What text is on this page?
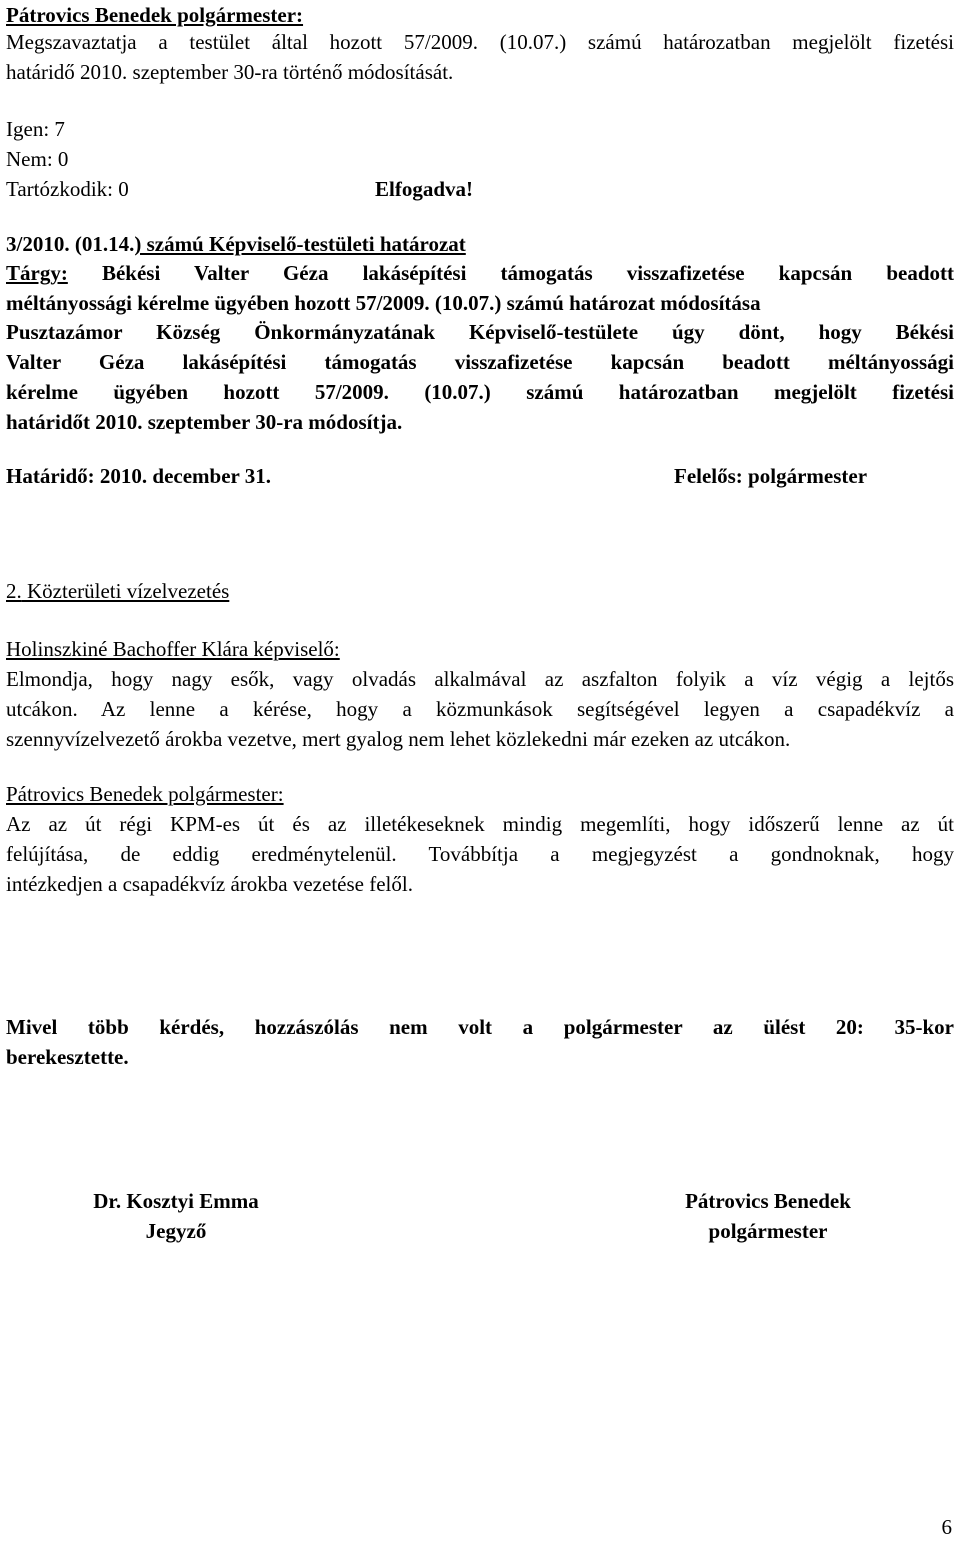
Pátrovics Benedek polgármester:
Megszavaztatja a testület által hozott 57/2009. (10.07.) számú határozatban megjelölt fizetési
határidő 2010. szeptember 30-ra történő módosítását.
Igen: 7
Nem: 0
Tartózkodik: 0	Elfogadva!
3/2010. (01.14.) számú Képviselő-testületi határozat
Tárgy: Békési Valter Géza lakásépítési támogatás visszafizetése kapcsán beadott
méltányossági kérelme ügyében hozott 57/2009. (10.07.) számú határozat módosítása
Pusztazámor Község Önkormányzatának Képviselő-testülete úgy dönt, hogy Békési
Valter Géza lakásépítési támogatás visszafizetése kapcsán beadott méltányossági
kérelme ügyében hozott 57/2009. (10.07.) számú határozatban megjelölt fizetési
határidőt 2010. szeptember 30-ra módosítja.
Határidő: 2010. december 31.	Felelős: polgármester
2. Közterületi vízelvezetés
Holinszkiné Bachoffer Klára képviselő:
Elmondja, hogy nagy esők, vagy olvadás alkalmával az aszfalton folyik a víz végig a lejtős
utcákon. Az lenne a kérése, hogy a közmunkások segítségével legyen a csapadékvíz a
szennyvízelvezető árokba vezetve, mert gyalog nem lehet közlekedni már ezeken az utcákon.
Pátrovics Benedek polgármester:
Az az út régi KPM-es út és az illetékeseknek mindig megemlíti, hogy időszerű lenne az út
felújítása, de eddig eredménytelenül. Továbbítja a megjegyzést a gondnoknak, hogy
intézkedjen a csapadékvíz árokba vezetése felől.
Mivel több kérdés, hozzászólás nem volt a polgármester az ülést 20: 35-kor
berekesztette.
Dr. Kosztyi Emma
Jegyző
Pátrovics Benedek
polgármester
6
